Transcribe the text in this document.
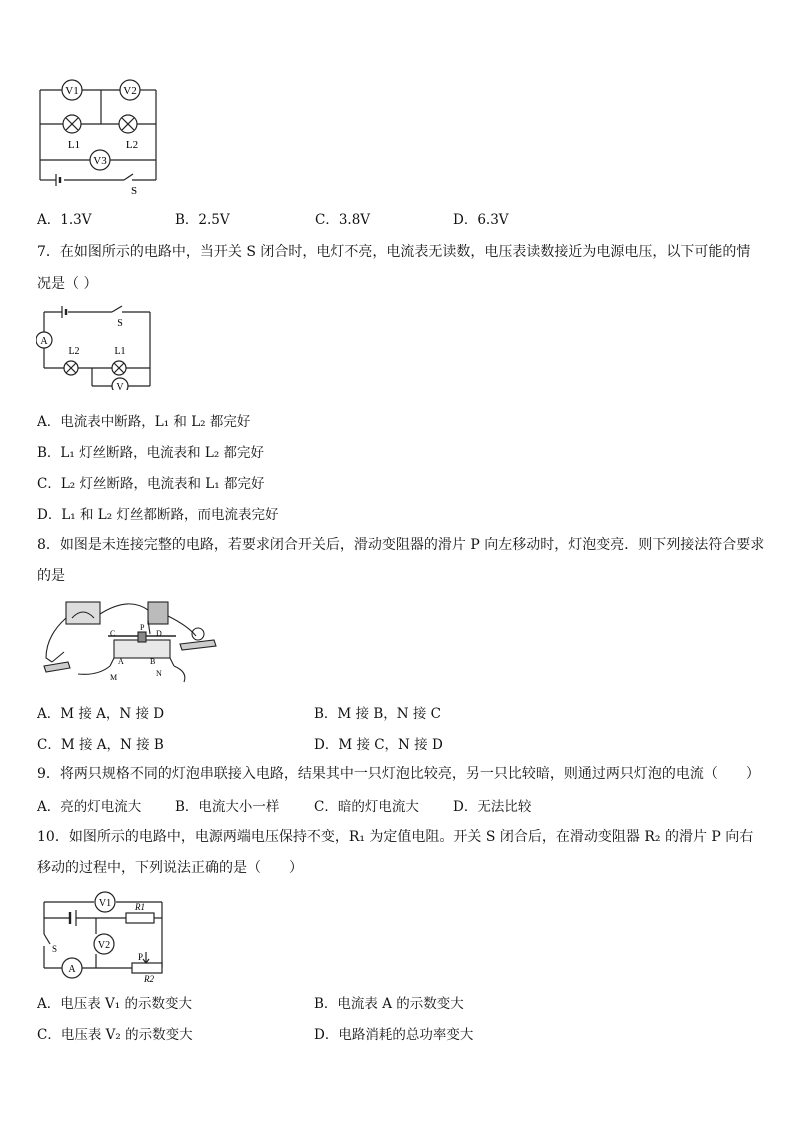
V1	V2
L1	L2
V3
S
A．1.3V	B．2.5V	C．3.8V	D．6.3V
7．在如图所示的电路中，当开关 S 闭合时，电灯不亮，电流表无读数，电压表读数接近为电源电压，以下可能的情
况是（ ）
A
S
L2	L1
V
A．电流表中断路，L₁ 和 L₂ 都完好
B．L₁ 灯丝断路，电流表和 L₂ 都完好
C．L₂ 灯丝断路，电流表和 L₁ 都完好
D．L₁ 和 L₂ 灯丝都断路，而电流表完好
8．如图是未连接完整的电路，若要求闭合开关后，滑动变阻器的滑片 P 向左移动时，灯泡变亮．则下列接法符合要求
的是
C
P
D
A	B
M	N
A．M 接 A，N 接 D	B．M 接 B，N 接 C
C．M 接 A，N 接 B	D．M 接 C，N 接 D
9．将两只规格不同的灯泡串联接入电路，结果其中一只灯泡比较亮，另一只比较暗，则通过两只灯泡的电流（　　）
A．亮的灯电流大	B．电流大小一样	C．暗的灯电流大	D．无法比较
10．如图所示的电路中，电源两端电压保持不变，R₁ 为定值电阻。开关 S 闭合后，在滑动变阻器 R₂ 的滑片 P 向右
移动的过程中，下列说法正确的是（　　）
V1	R1
S	V2
A
P
R2
A．电压表 V₁ 的示数变大	B．电流表 A 的示数变大
C．电压表 V₂ 的示数变大	D．电路消耗的总功率变大
